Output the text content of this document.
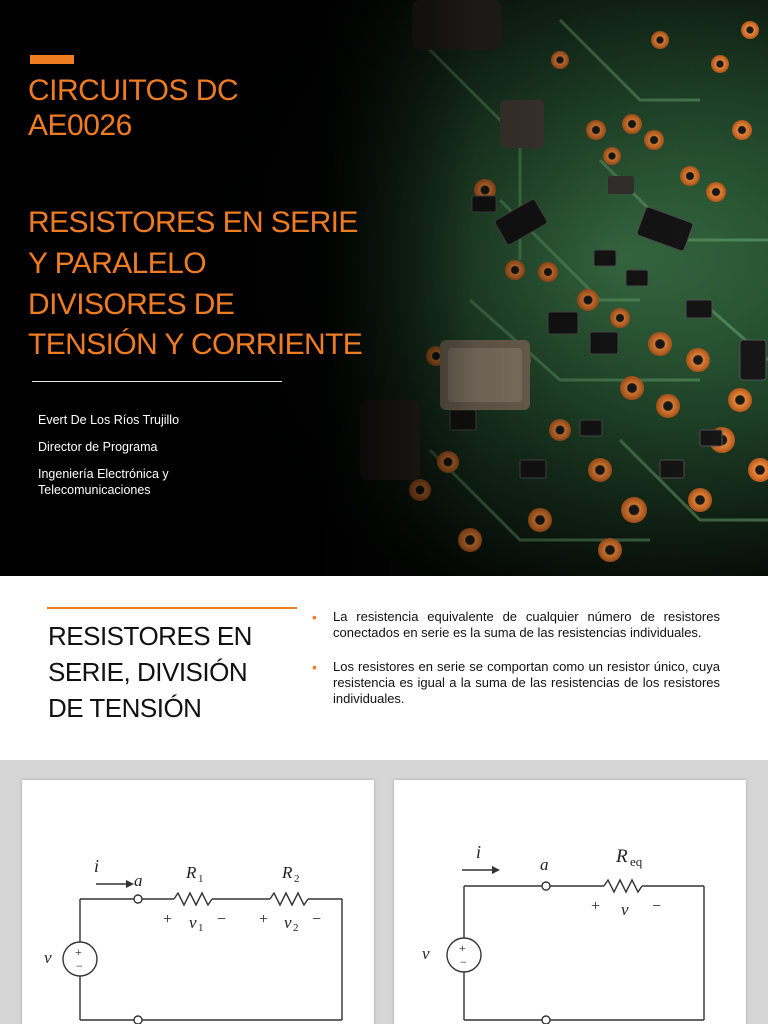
CIRCUITOS DC
AE0026
RESISTORES EN SERIE
Y PARALELO
DIVISORES DE
TENSIÓN Y CORRIENTE
Evert De Los Ríos Trujillo
Director de Programa
Ingeniería Electrónica y
Telecomunicaciones
RESISTORES EN
SERIE, DIVISIÓN
DE TENSIÓN
• La resistencia equivalente de cualquier número de resistores conectados en serie es la suma de las resistencias individuales.
• Los resistores en serie se comportan como un resistor único, cuya resistencia es igual a la suma de las resistencias de los resistores individuales.
+
−
i
a	R 1	R 2
+ v 1 − + v 2 −
v	+
−
i
a	R eq
+ v −
v
